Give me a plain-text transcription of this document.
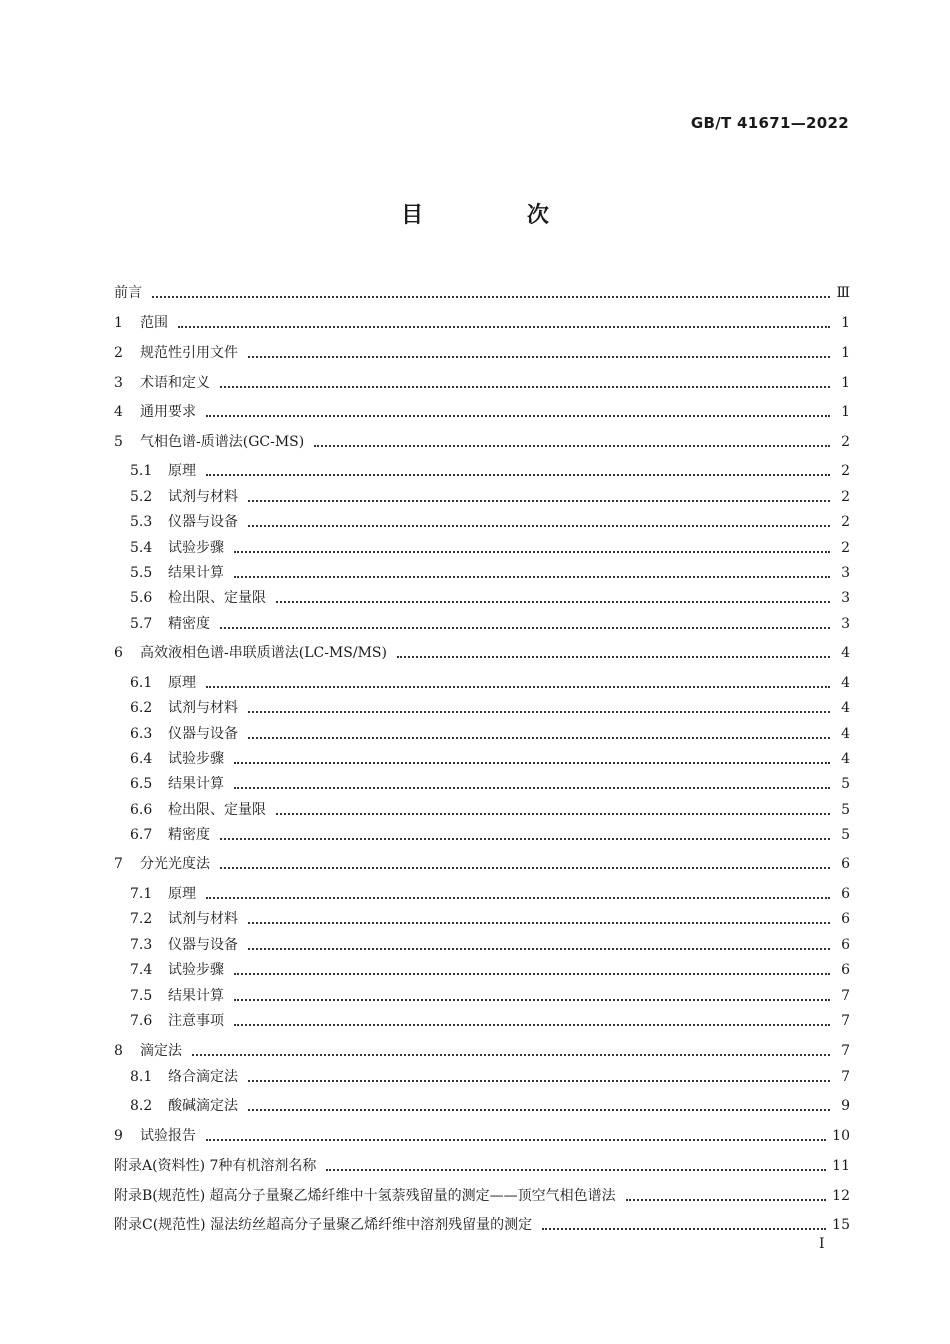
GB/T 41671—2022
目 次
前言	Ⅲ
1	范围	1
2	规范性引用文件	1
3	术语和定义	1
4	通用要求	1
5	气相色谱-质谱法(GC-MS)	2
5.1	原理	2
5.2	试剂与材料	2
5.3	仪器与设备	2
5.4	试验步骤	2
5.5	结果计算	3
5.6	检出限、定量限	3
5.7	精密度	3
6	高效液相色谱-串联质谱法(LC-MS/MS)	4
6.1	原理	4
6.2	试剂与材料	4
6.3	仪器与设备	4
6.4	试验步骤	4
6.5	结果计算	5
6.6	检出限、定量限	5
6.7	精密度	5
7	分光光度法	6
7.1	原理	6
7.2	试剂与材料	6
7.3	仪器与设备	6
7.4	试验步骤	6
7.5	结果计算	7
7.6	注意事项	7
8	滴定法	7
8.1	络合滴定法	7
8.2	酸碱滴定法	9
9	试验报告	10
附录A(资料性) 7种有机溶剂名称	11
附录B(规范性) 超高分子量聚乙烯纤维中十氢萘残留量的测定——顶空气相色谱法	12
附录C(规范性) 湿法纺丝超高分子量聚乙烯纤维中溶剂残留量的测定	15
I
